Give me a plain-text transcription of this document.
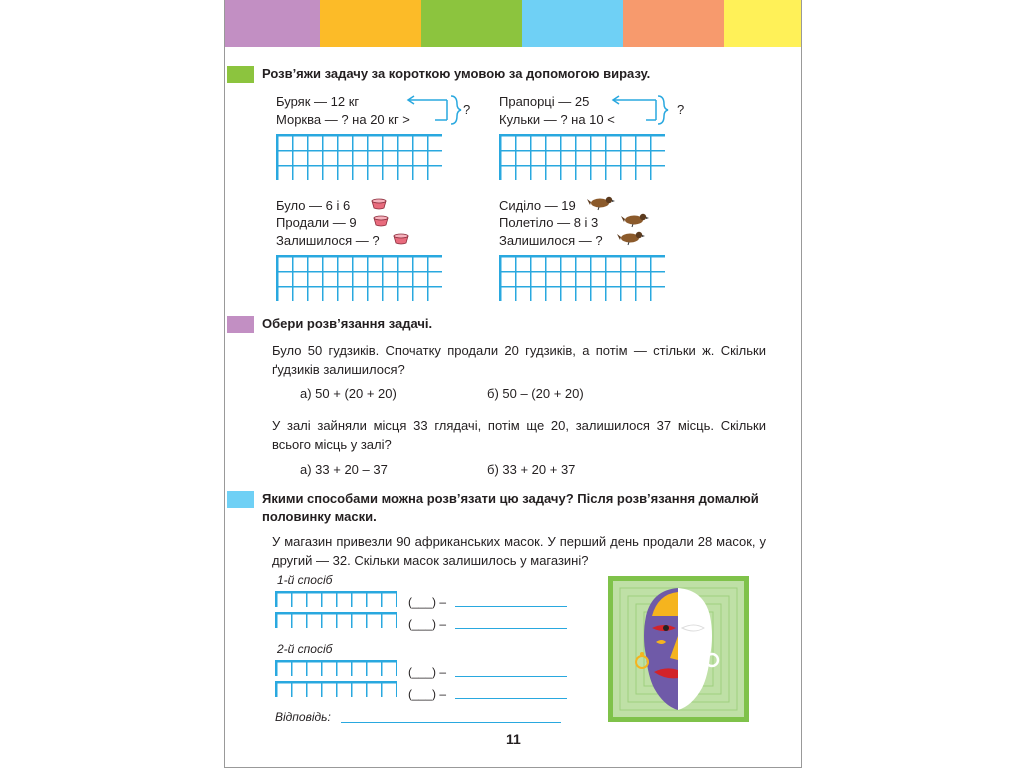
Розв’яжи задачу за короткою умовою за допомогою виразу.
Буряк — 12 кг
Морква — ? на 20 кг >
?
Прапорці — 25
Кульки — ? на 10 <
?
Було — 6 і 6
Продали — 9
Залишилося — ?
Сиділо — 19
Полетіло — 8 і 3
Залишилося — ?
Обери розв’язання задачі.
Було 50 гудзиків. Спочатку продали 20 гудзиків, а потім — стільки ж. Скільки ґудзиків залишилося?
а) 50 + (20 + 20)	б) 50 – (20 + 20)
У залі зайняли місця 33 глядачі, потім ще 20, залишилося 37 місць. Скільки всього місць у залі?
а) 33 + 20 – 37	б) 33 + 20 + 37
Якими способами можна розв’язати цю задачу? Після розв’язання домалюй половинку маски.
У магазин привезли 90 африканських масок. У перший день продали 28 масок, у другий — 32. Скільки масок залишилось у магазині?
1-й спосіб
(___) –
(___) –
2-й спосіб
(___) –
(___) –
Відповідь:
11
